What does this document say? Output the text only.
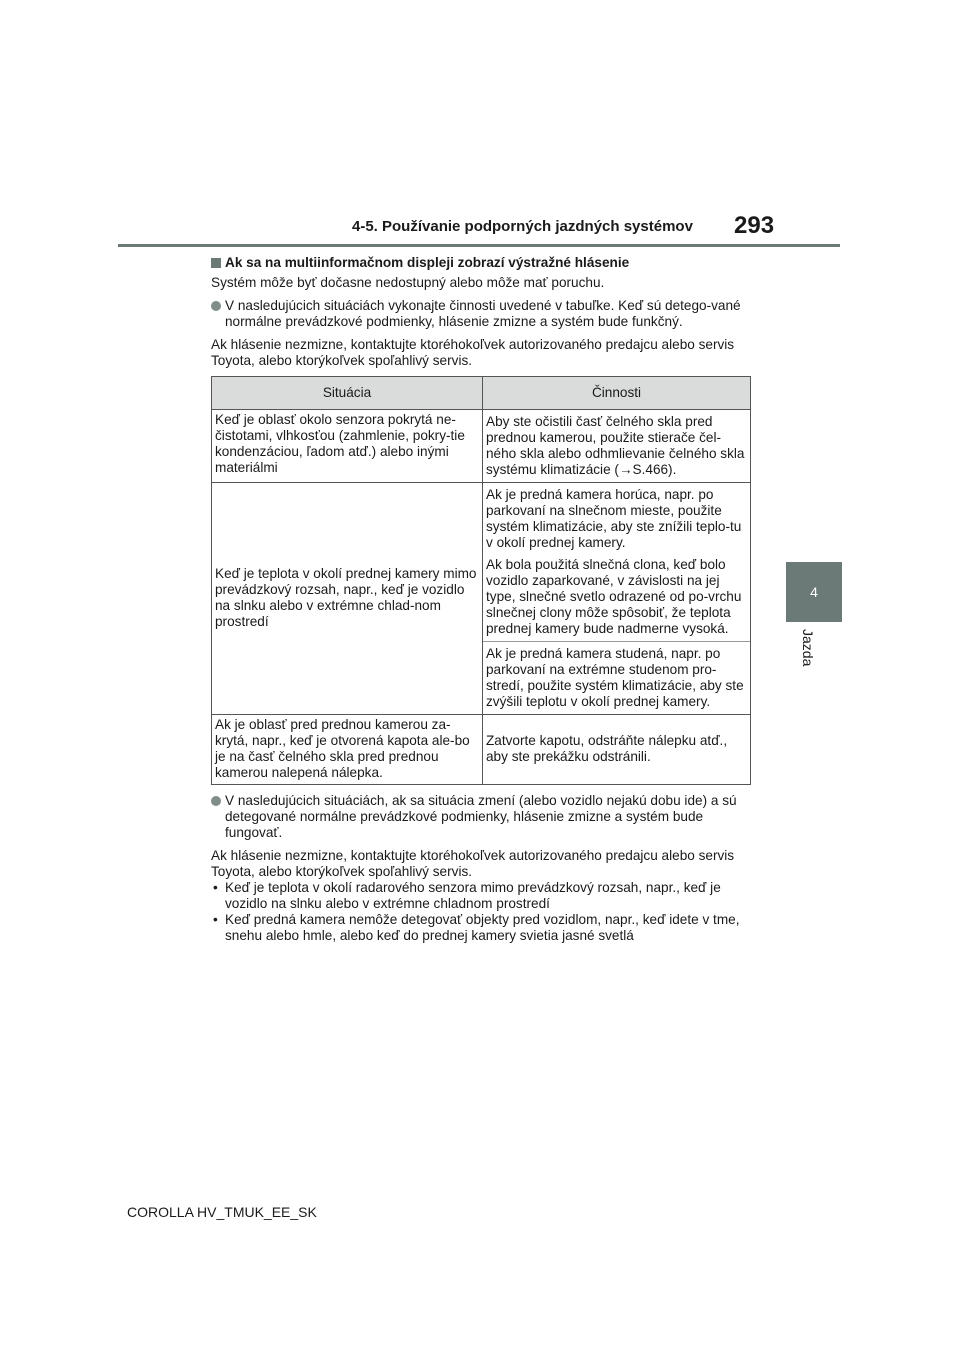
4-5. Používanie podporných jazdných systémov 293
4
Jazda
Ak sa na multiinformačnom displeji zobrazí výstražné hlásenie

Systém môže byť dočasne nedostupný alebo môže mať poruchu.

V nasledujúcich situáciách vykonajte činnosti uvedené v tabuľke. Keď sú detego-vané normálne prevádzkové podmienky, hlásenie zmizne a systém bude funkčný.

Ak hlásenie nezmizne, kontaktujte ktoréhokoľvek autorizovaného predajcu alebo servis Toyota, alebo ktorýkoľvek spoľahlivý servis.

Situácia	Činnosti
Keď je oblasť okolo senzora pokrytá ne-čistotami, vlhkosťou (zahmlenie, pokry-tie kondenzáciou, ľadom atď.) alebo inými materiálmi	Aby ste očistili časť čelného skla pred prednou kamerou, použite stierače čel-ného skla alebo odhmlievanie čelného skla systému klimatizácie (→S.466).

Keď je teplota v okolí prednej kamery mimo prevádzkový rozsah, napr., keď je vozidlo na slnku alebo v extrémne chlad-nom prostredí	Ak je predná kamera horúca, napr. po parkovaní na slnečnom mieste, použite systém klimatizácie, aby ste znížili teplo-tu v okolí prednej kamery.

Ak bola použitá slnečná clona, keď bolo vozidlo zaparkované, v závislosti na jej type, slnečné svetlo odrazené od po-vrchu slnečnej clony môže spôsobiť, že teplota prednej kamery bude nadmerne vysoká.

Ak je predná kamera studená, napr. po parkovaní na extrémne studenom pro-stredí, použite systém klimatizácie, aby ste zvýšili teplotu v okolí prednej kamery.

Ak je oblasť pred prednou kamerou za-krytá, napr., keď je otvorená kapota ale-bo je na časť čelného skla pred prednou kamerou nalepená nálepka.	Zatvorte kapotu, odstráňte nálepku atď., aby ste prekážku odstránili.

V nasledujúcich situáciách, ak sa situácia zmení (alebo vozidlo nejakú dobu ide) a sú detegované normálne prevádzkové podmienky, hlásenie zmizne a systém bude fungovať.

Ak hlásenie nezmizne, kontaktujte ktoréhokoľvek autorizovaného predajcu alebo servis Toyota, alebo ktorýkoľvek spoľahlivý servis.

• Keď je teplota v okolí radarového senzora mimo prevádzkový rozsah, napr., keď je vozidlo na slnku alebo v extrémne chladnom prostredí
• Keď predná kamera nemôže detegovať objekty pred vozidlom, napr., keď idete v tme, snehu alebo hmle, alebo keď do prednej kamery svietia jasné svetlá
COROLLA HV_TMUK_EE_SK
